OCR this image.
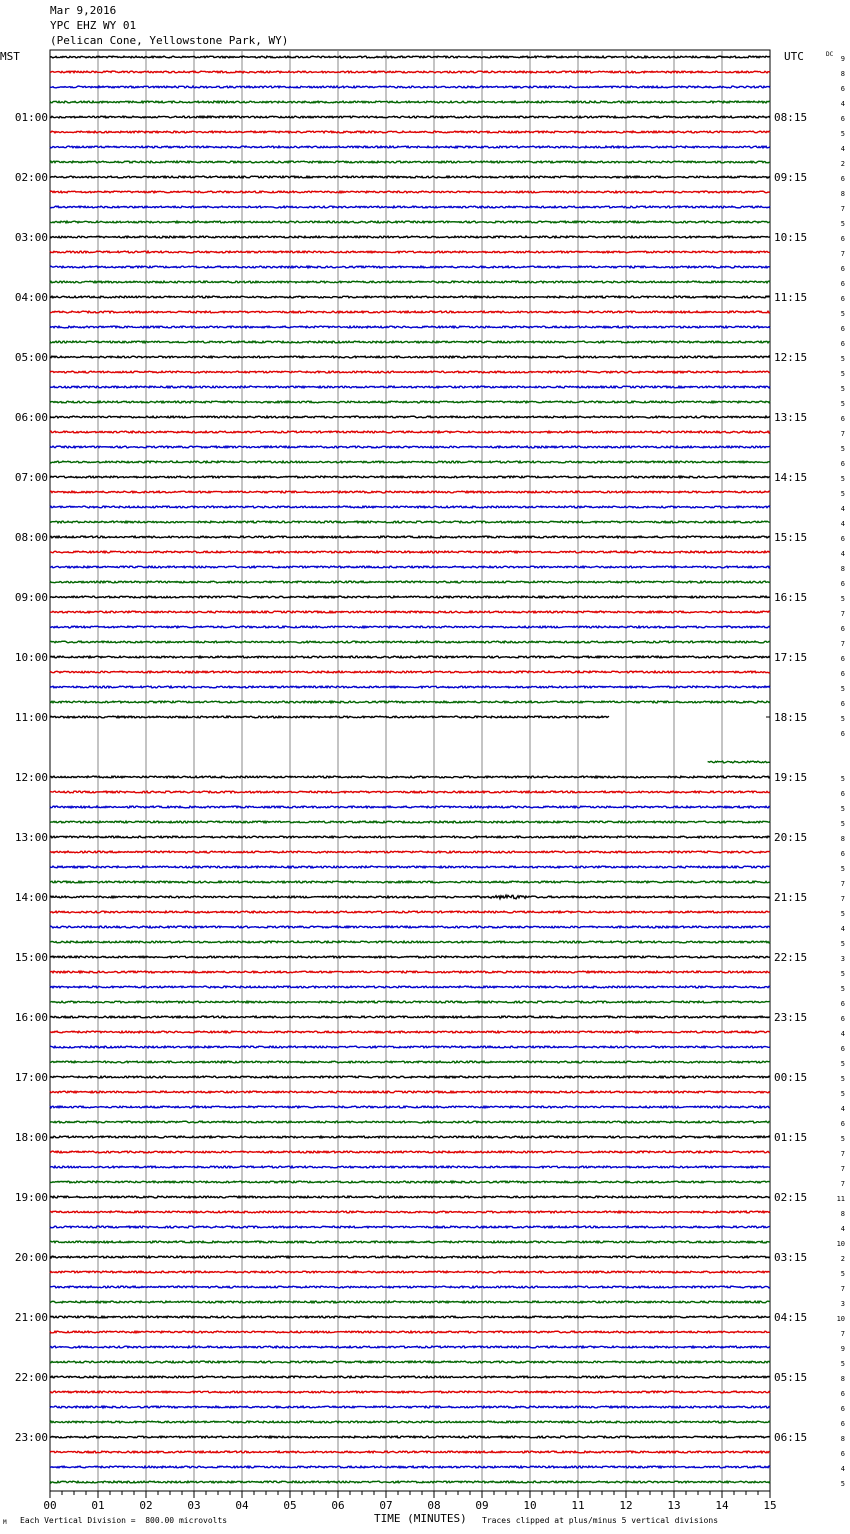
9
8
6
4
6
5
4
2
6
8
7
5
6
7
6
6
6
5
6
6
5
5
5
5
6
7
5
6
5
5
4
4
6
4
8
6
5
7
6
7
6
6
5
6
5
6
5
6
5
5
8
6
5
7
7
5
4
5
3
5
5
6
6
4
6
5
5
5
4
6
5
7
7
7
11
8
4
10
2
5
7
3
10
7
9
5
8
6
6
6
8
6
4
5
MST	UTC	DC
01:00
02:00
03:00
04:00
05:00
06:00
07:00
08:00
09:00
10:00
11:00
12:00
13:00
14:00
15:00
16:00
17:00
18:00
19:00
20:00
21:00
22:00
23:00
08:15
09:15
10:15
11:15
12:15
13:15
14:15
15:15
16:15
17:15
18:15
19:15
20:15
21:15
22:15
23:15
00:15
01:15
02:15
03:15
04:15
05:15
06:15
00	01	02	03	04	05	06	07	08	09	10	11	12	13	14	15
Mar 9,2016
YPC EHZ WY 01
(Pelican Cone, Yellowstone Park, WY)
M Each Vertical Division =  800.00 microvolts	TIME (MINUTES) Traces clipped at plus/minus 5 vertical divisions
